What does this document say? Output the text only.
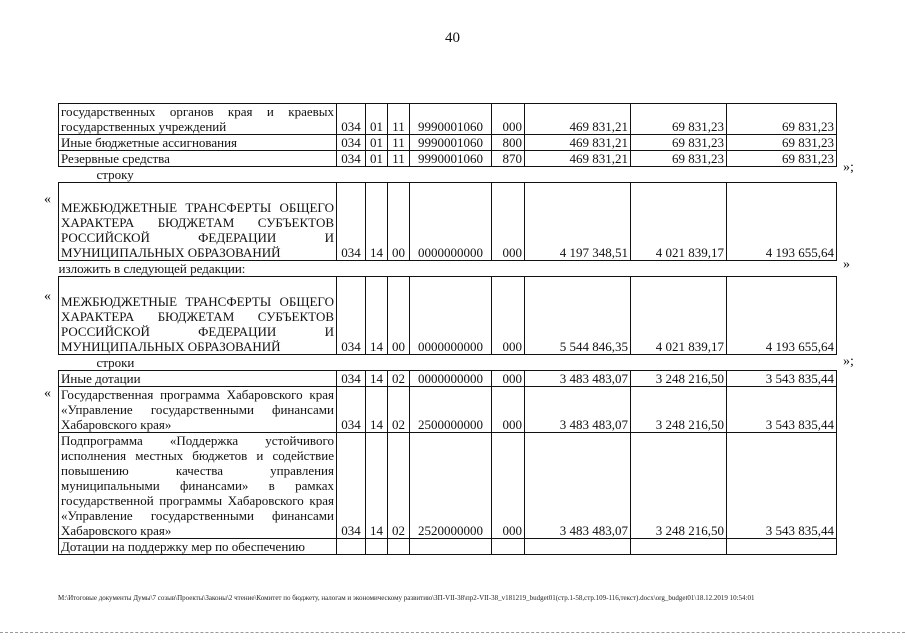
40
«
»
«
»;
»;
«
государственных органов края и краевых государственных учреждений	034	01	11	9990001060	000	469 831,21	69 831,23	69 831,23
Иные бюджетные ассигнования	034	01	11	9990001060	800	469 831,21	69 831,23	69 831,23
Резервные средства	034	01	11	9990001060	870	469 831,21	69 831,23	69 831,23
строку								
МЕЖБЮДЖЕТНЫЕ ТРАНСФЕРТЫ ОБЩЕГО ХАРАКТЕРА БЮДЖЕТАМ СУБЪЕКТОВ РОССИЙСКОЙ ФЕДЕРАЦИИ И МУНИЦИПАЛЬНЫХ ОБРАЗОВАНИЙ	034	14	00	0000000000	000	4 197 348,51	4 021 839,17	4 193 655,64
изложить в следующей редакции:								
МЕЖБЮДЖЕТНЫЕ ТРАНСФЕРТЫ ОБЩЕГО ХАРАКТЕРА БЮДЖЕТАМ СУБЪЕКТОВ РОССИЙСКОЙ ФЕДЕРАЦИИ И МУНИЦИПАЛЬНЫХ ОБРАЗОВАНИЙ	034	14	00	0000000000	000	5 544 846,35	4 021 839,17	4 193 655,64
строки								
Иные дотации	034	14	02	0000000000	000	3 483 483,07	3 248 216,50	3 543 835,44
Государственная программа Хабаровского края «Управление государственными финансами Хабаровского края»	034	14	02	2500000000	000	3 483 483,07	3 248 216,50	3 543 835,44
Подпрограмма «Поддержка устойчивого исполнения местных бюджетов и содействие повышению качества управления муниципальными финансами» в рамках государственной программы Хабаровского края «Управление государственными финансами Хабаровского края»	034	14	02	2520000000	000	3 483 483,07	3 248 216,50	3 543 835,44
Дотации на поддержку мер по обеспечению								
M:\Итоговые документы Думы\7 созыв\Проекты\Законы\2 чтение\Комитет по бюджету, налогам и экономическому развитию\ЗП-VII-38\пр2-VII-38_v181219_budget01(стр.1-58,стр.109-116,текст).docx\org_budget01\18.12.2019 10:54:01
